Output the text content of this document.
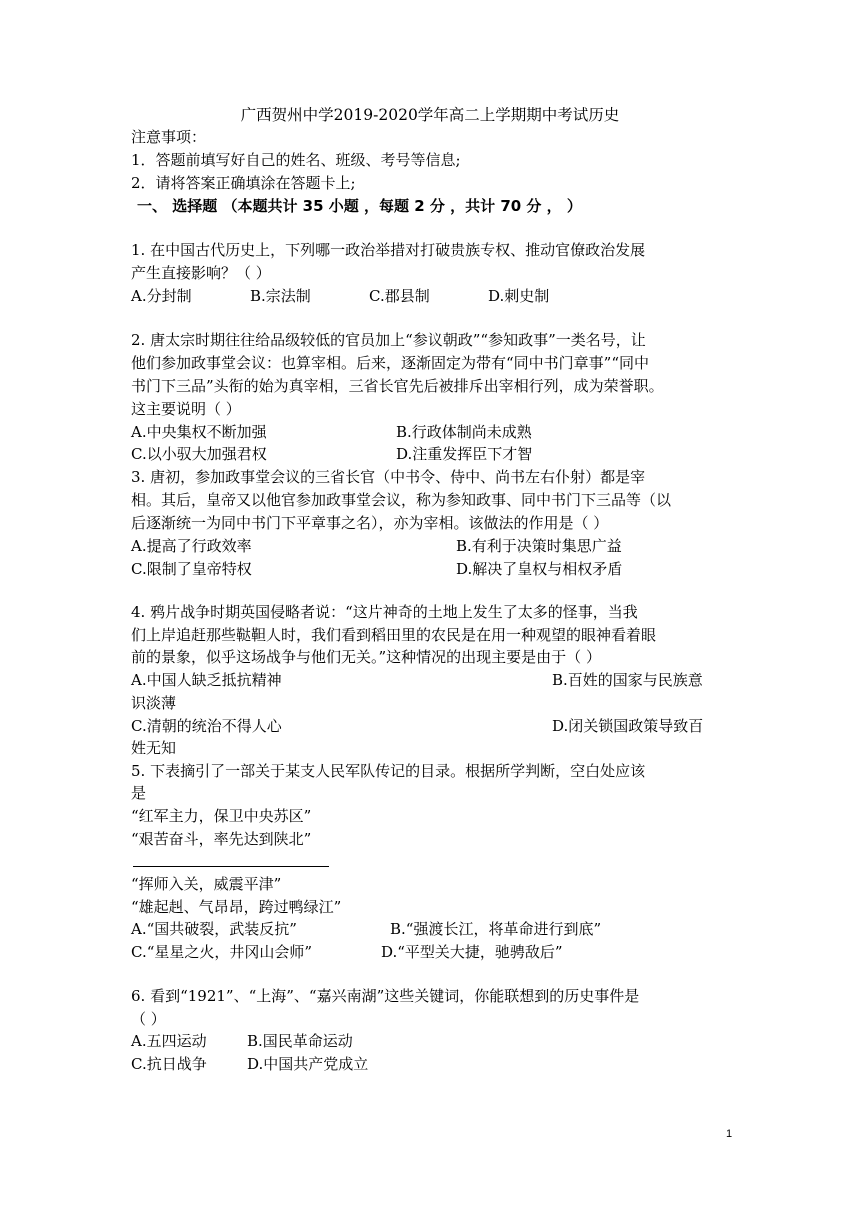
广西贺州中学2019-2020学年高二上学期期中考试历史
注意事项：
1．答题前填写好自己的姓名、班级、考号等信息;
2．请将答案正确填涂在答题卡上;
一、 选择题 （本题共计 35 小题 ，每题 2 分 ，共计 70 分 ， ）
1. 在中国古代历史上，下列哪一政治举措对打破贵族专权、推动官僚政治发展
产生直接影响？（ ）
A.分封制	B.宗法制	C.郡县制	D.刺史制
2. 唐太宗时期往往给品级较低的官员加上“参议朝政”“参知政事”一类名号，让
他们参加政事堂会议：也算宰相。后来，逐渐固定为带有“同中书门章事”“同中
书门下三品”头衔的始为真宰相，三省长官先后被排斥出宰相行列，成为荣誉职。
这主要说明（ ）
A.中央集权不断加强	B.行政体制尚未成熟
C.以小驭大加强君权	D.注重发挥臣下才智
3. 唐初，参加政事堂会议的三省长官（中书令、侍中、尚书左右仆射）都是宰
相。其后，皇帝又以他官参加政事堂会议，称为参知政事、同中书门下三品等（以
后逐渐统一为同中书门下平章事之名），亦为宰相。该做法的作用是（ ）
A.提高了行政效率	B.有利于决策时集思广益
C.限制了皇帝特权	D.解决了皇权与相权矛盾
4. 鸦片战争时期英国侵略者说：“这片神奇的土地上发生了太多的怪事，当我
们上岸追赶那些鞑靼人时，我们看到稻田里的农民是在用一种观望的眼神看着眼
前的景象，似乎这场战争与他们无关。”这种情况的出现主要是由于（ ）
A.中国人缺乏抵抗精神	B.百姓的国家与民族意
识淡薄
C.清朝的统治不得人心	D.闭关锁国政策导致百
姓无知
5. 下表摘引了一部关于某支人民军队传记的目录。根据所学判断，空白处应该
是
“红军主力，保卫中央苏区”
“艰苦奋斗，率先达到陕北”
“挥师入关，威震平津”
“雄起赳、气昂昂，跨过鸭绿江”
A.“国共破裂，武装反抗”	B.“强渡长江，将革命进行到底”
C.“星星之火，井冈山会师”	D.“平型关大捷，驰骋敌后”
6. 看到“1921”、“上海”、“嘉兴南湖”这些关键词，你能联想到的历史事件是
（ ）
A.五四运动	B.国民革命运动
C.抗日战争	D.中国共产党成立
1
